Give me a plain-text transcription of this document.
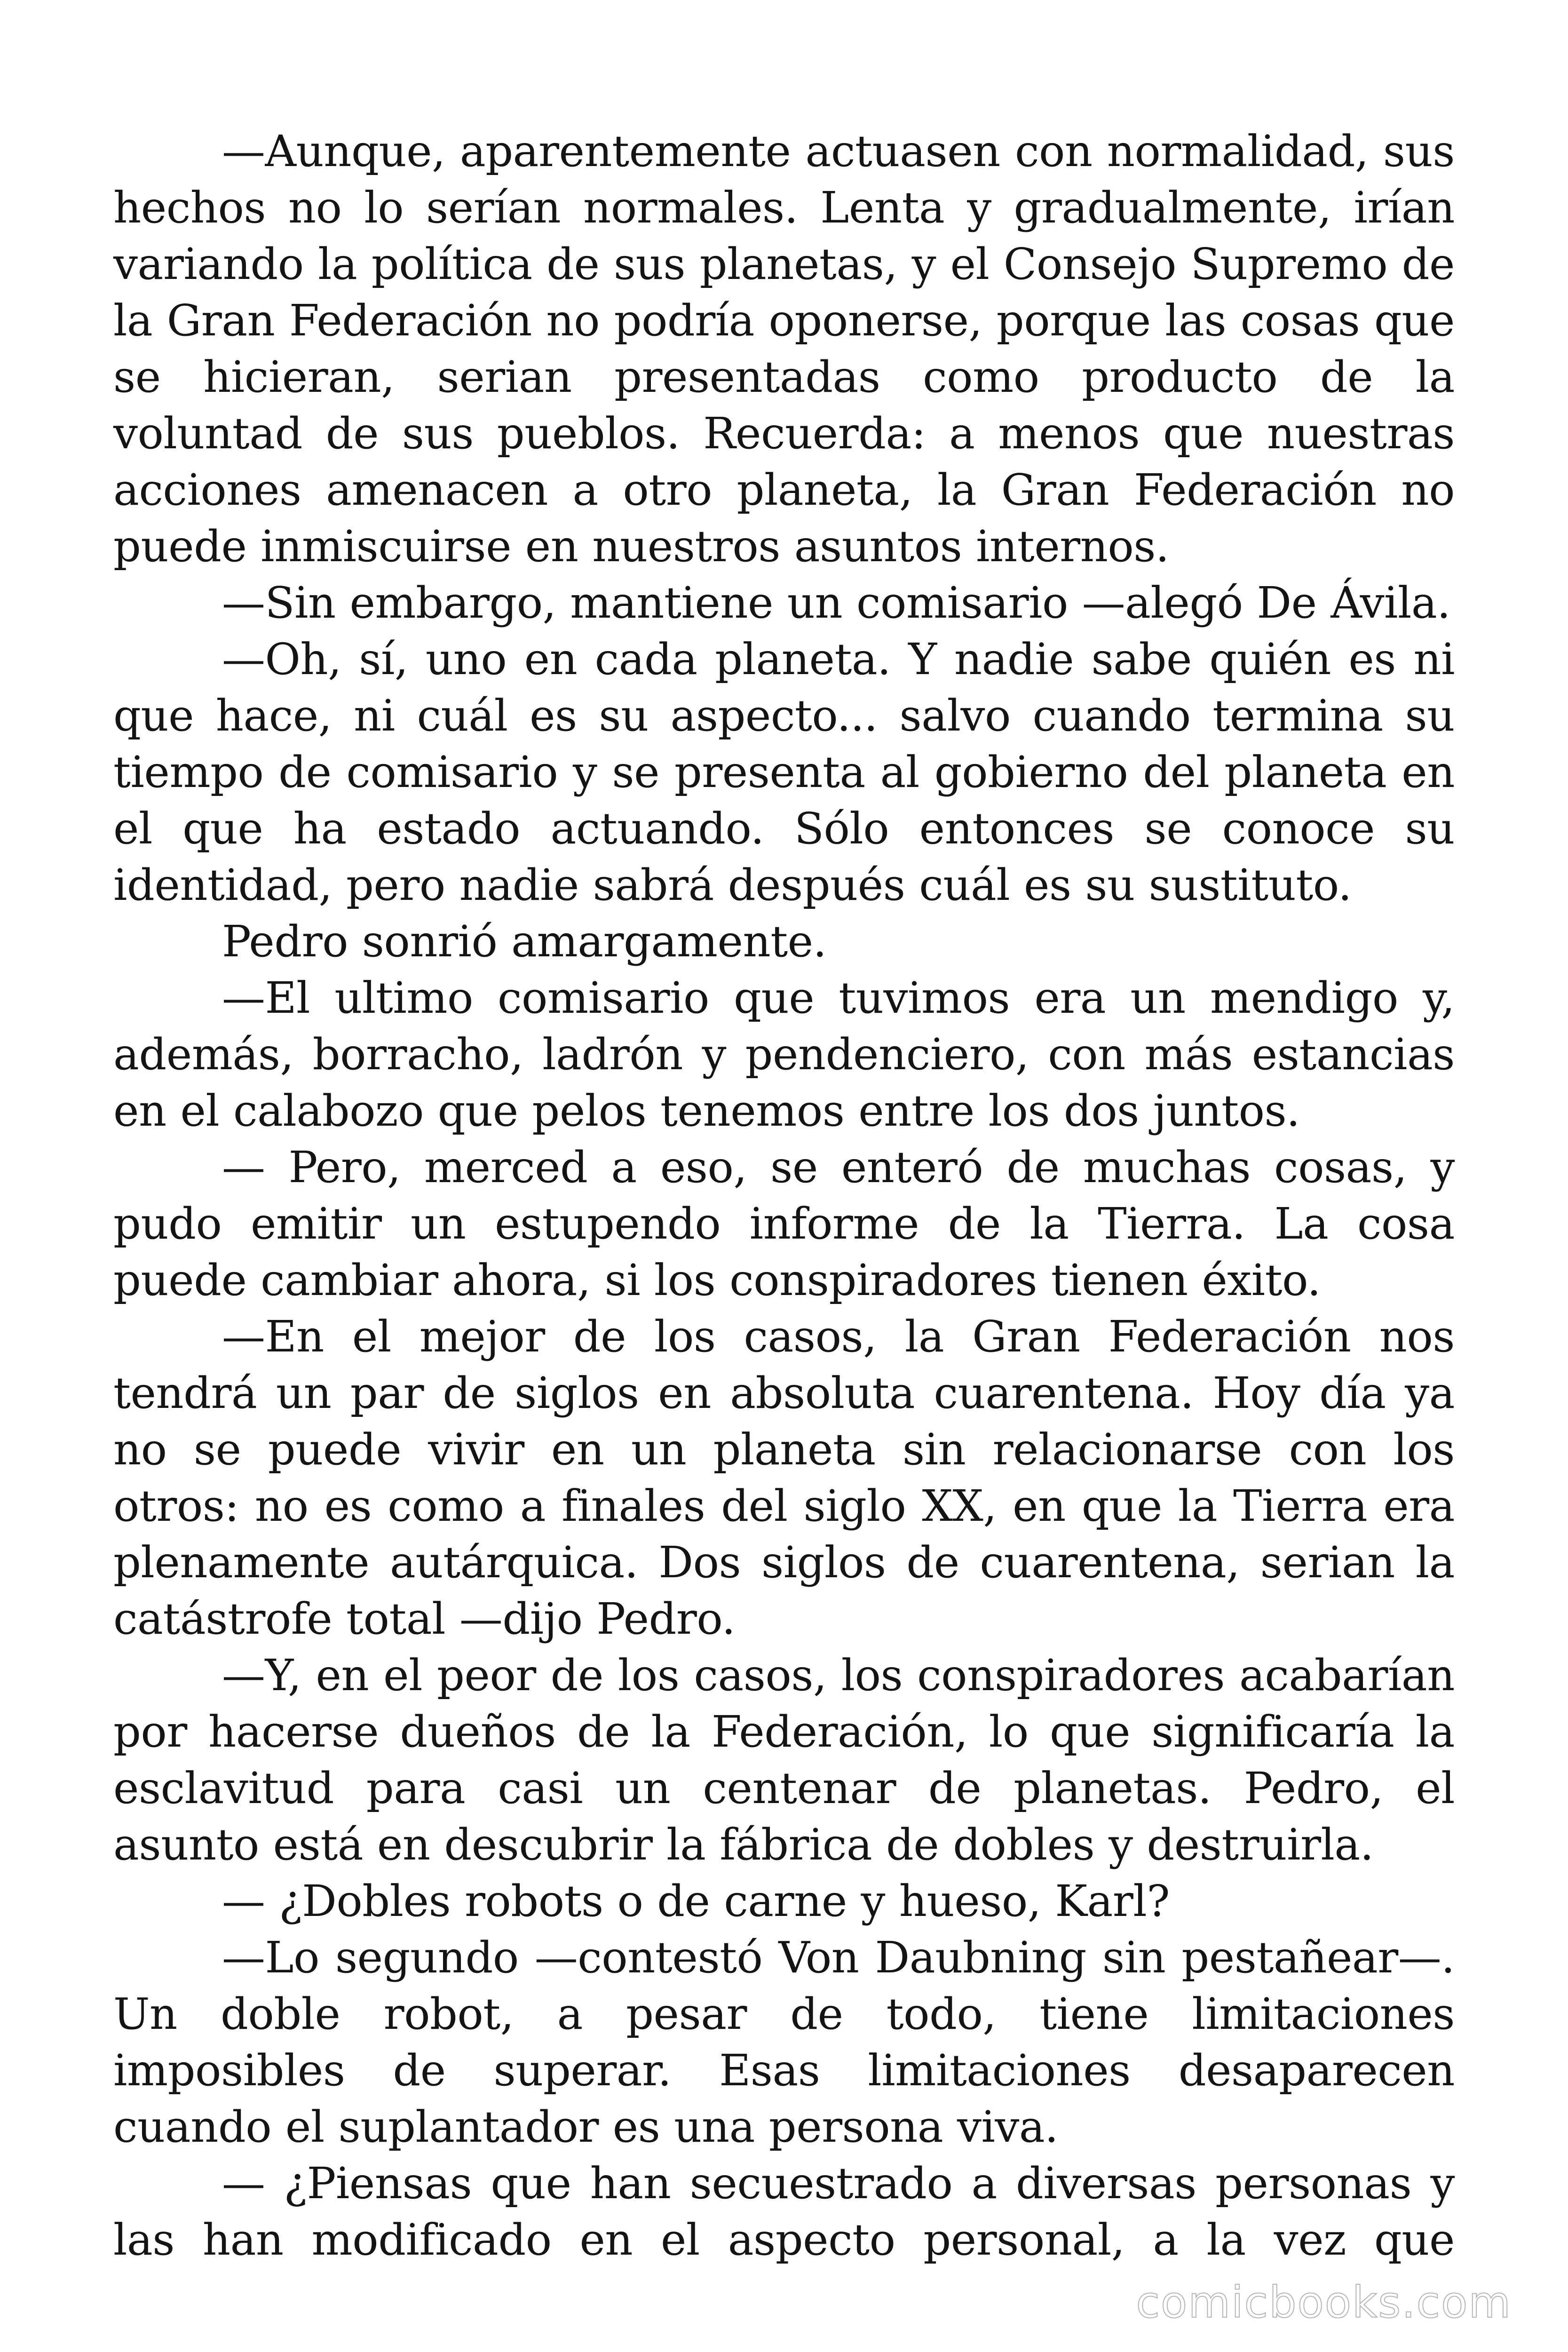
—Aunque, aparentemente actuasen con normalidad, sus hechos no lo serían normales. Lenta y gradualmente, irían variando la política de sus planetas, y el Consejo Supremo de la Gran Federación no podría oponerse, porque las cosas que se hicieran, serian presentadas como producto de la voluntad de sus pueblos. Recuerda: a menos que nuestras acciones amenacen a otro planeta, la Gran Federación no puede inmiscuirse en nuestros asuntos internos.

—Sin embargo, mantiene un comisario —alegó De Ávila.

—Oh, sí, uno en cada planeta. Y nadie sabe quién es ni que hace, ni cuál es su aspecto... salvo cuando termina su tiempo de comisario y se presenta al gobierno del planeta en el que ha estado actuando. Sólo entonces se conoce su identidad, pero nadie sabrá después cuál es su sustituto.

Pedro sonrió amargamente.

—El ultimo comisario que tuvimos era un mendigo y, además, borracho, ladrón y pendenciero, con más estancias en el calabozo que pelos tenemos entre los dos juntos.

— Pero, merced a eso, se enteró de muchas cosas, y pudo emitir un estupendo informe de la Tierra. La cosa puede cambiar ahora, si los conspiradores tienen éxito.

—En el mejor de los casos, la Gran Federación nos tendrá un par de siglos en absoluta cuarentena. Hoy día ya no se puede vivir en un planeta sin relacionarse con los otros: no es como a finales del siglo XX, en que la Tierra era plenamente autárquica. Dos siglos de cuarentena, serian la catástrofe total —dijo Pedro.

—Y, en el peor de los casos, los conspiradores acabarían por hacerse dueños de la Federación, lo que significaría la esclavitud para casi un centenar de planetas. Pedro, el asunto está en descubrir la fábrica de dobles y destruirla.

— ¿Dobles robots o de carne y hueso, Karl?

—Lo segundo —contestó Von Daubning sin pestañear—. Un doble robot, a pesar de todo, tiene limitaciones imposibles de superar. Esas limitaciones desaparecen cuando el suplantador es una persona viva.

— ¿Piensas que han secuestrado a diversas personas y las han modificado en el aspecto personal, a la vez que

comicbooks.com
